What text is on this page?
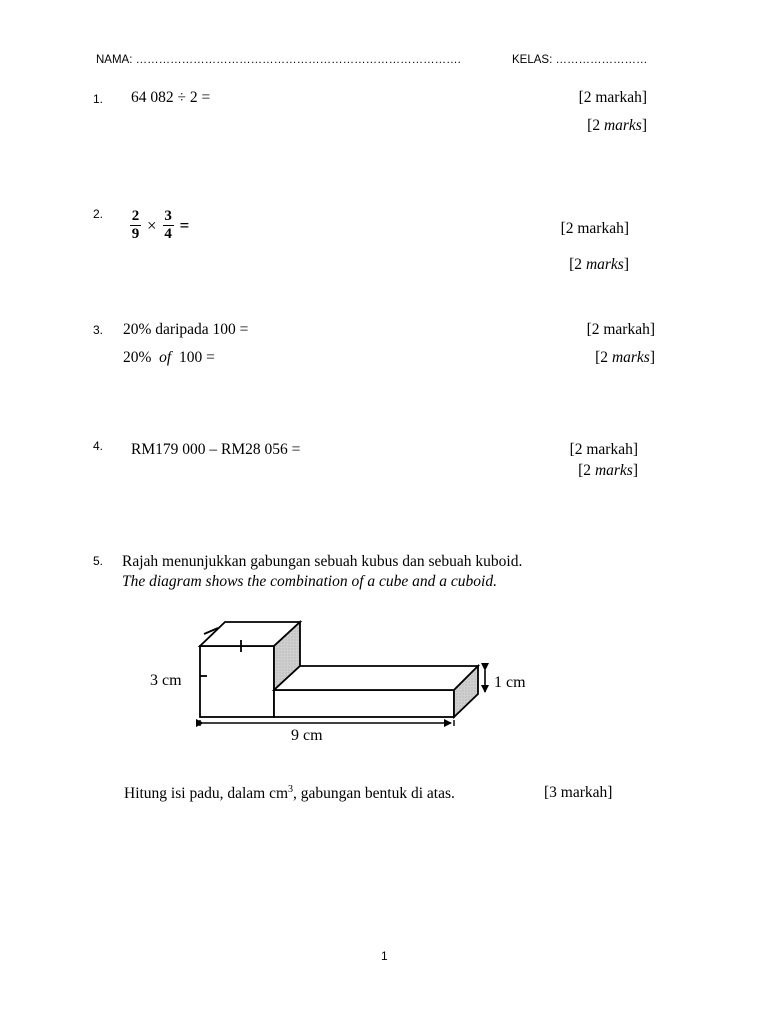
NAMA: ………………………………………………………………………….	KELAS: ……………………
1. 64 082 ÷ 2 =	[2 markah]
[2 marks]
2. $\frac{2}{9} \times \frac{3}{4}$ =	[2 markah]
[2 marks]
3. 20% daripada 100 =
20%  of  100 =
[2 markah]
[2 marks]
4. RM179 000 – RM28 056 =	[2 markah]
[2 marks]
5. Rajah menunjukkan gabungan sebuah kubus dan sebuah kuboid.
The diagram shows the combination of a cube and a cuboid.
3 cm	1 cm
9 cm
Hitung isi padu, dalam $cm^3$, gabungan bentuk di atas.	[3 markah]
1
